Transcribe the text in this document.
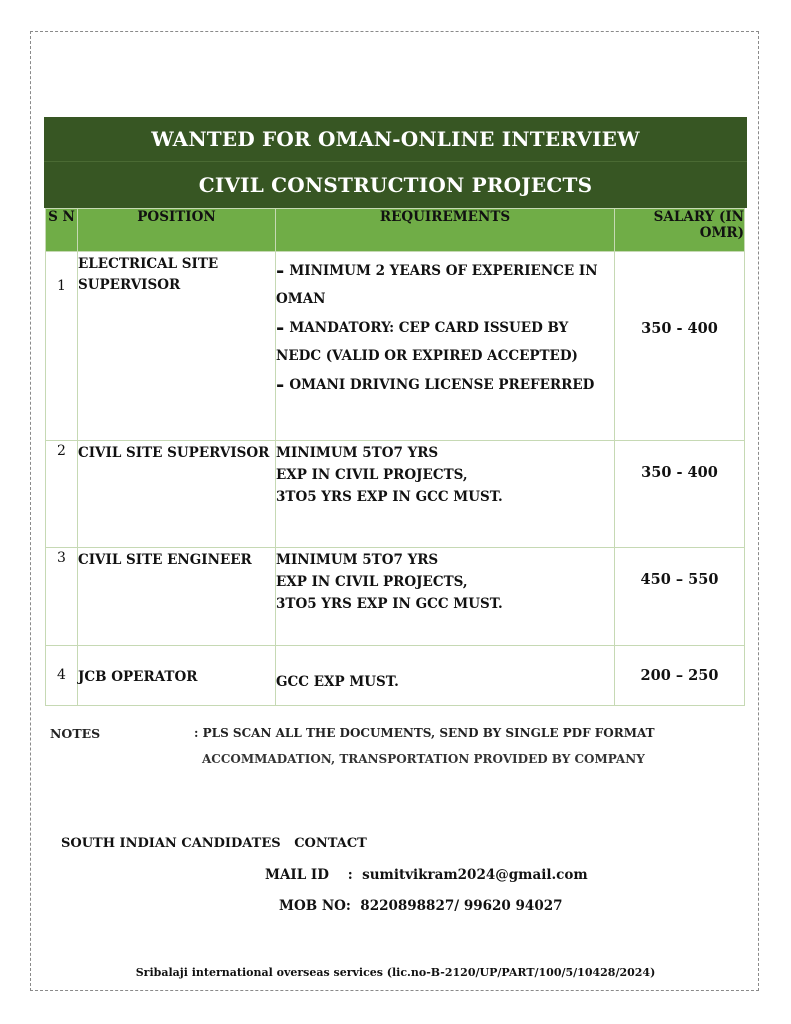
WANTED FOR OMAN-ONLINE INTERVIEW
CIVIL CONSTRUCTION PROJECTS
S N	POSITION	REQUIREMENTS	SALARY (IN OMR)
1	ELECTRICAL SITE SUPERVISOR	- MINIMUM 2 YEARS OF EXPERIENCE IN OMAN
- MANDATORY: CEP CARD ISSUED BY NEDC (VALID OR EXPIRED ACCEPTED)
- OMANI DRIVING LICENSE PREFERRED	350 - 400
2	CIVIL SITE SUPERVISOR	MINIMUM 5TO7 YRS
EXP IN CIVIL PROJECTS,
3TO5 YRS EXP IN GCC MUST.	350 - 400
3	CIVIL SITE ENGINEER	MINIMUM 5TO7 YRS
EXP IN CIVIL PROJECTS,
3TO5 YRS EXP IN GCC MUST.	450 – 550
4	JCB OPERATOR	GCC EXP MUST.	200 – 250
NOTES	: PLS SCAN ALL THE DOCUMENTS, SEND BY SINGLE PDF FORMAT
ACCOMMADATION, TRANSPORTATION PROVIDED BY COMPANY
SOUTH INDIAN CANDIDATES   CONTACT
MAIL ID    :  sumitvikram2024@gmail.com
MOB NO:  8220898827/ 99620 94027
Sribalaji international overseas services (lic.no-B-2120/UP/PART/100/5/10428/2024)
